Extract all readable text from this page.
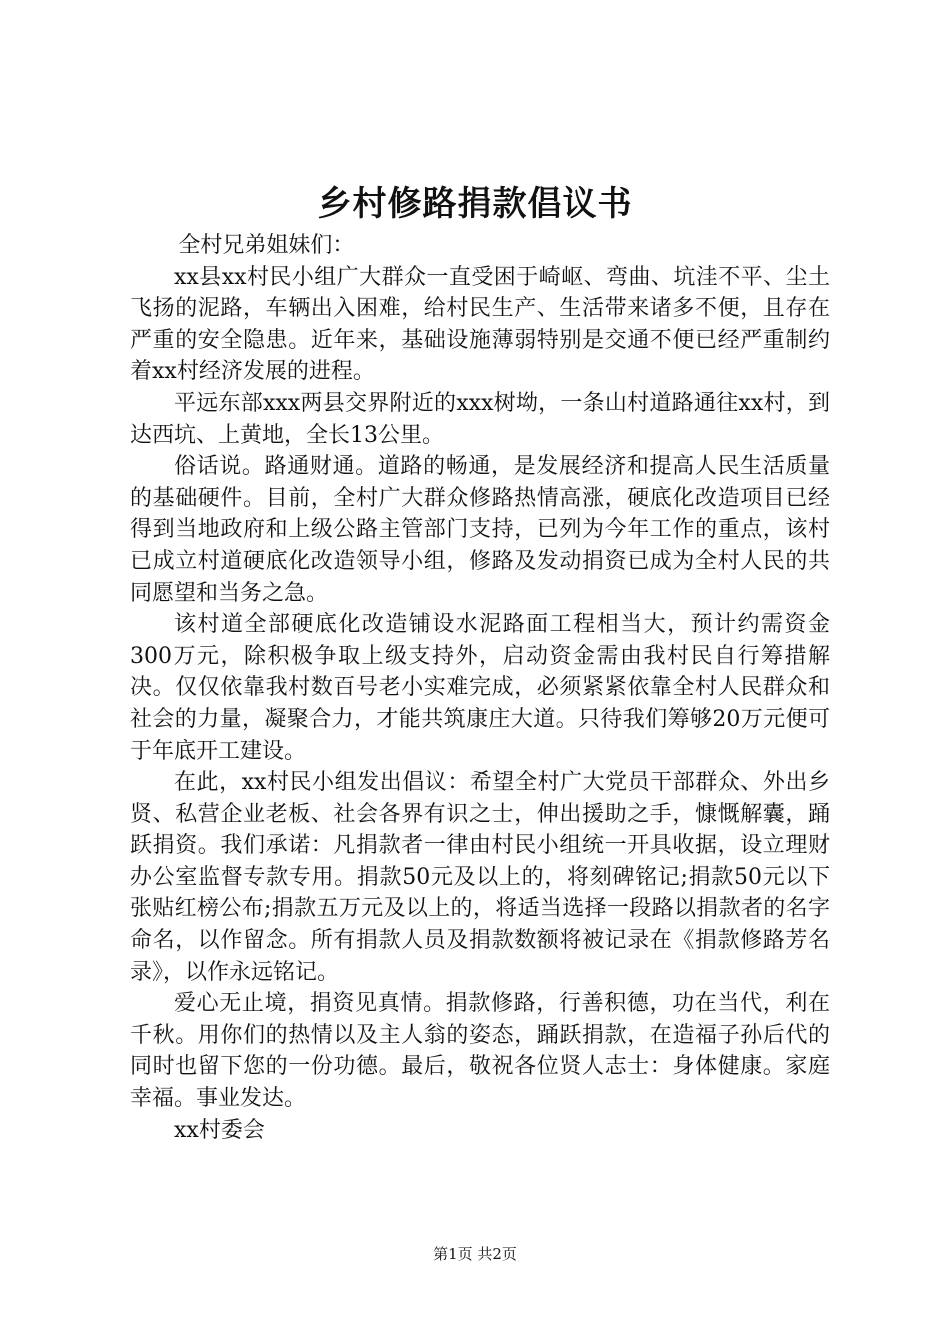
乡村修路捐款倡议书

全村兄弟姐妹们：

xx县xx村民小组广大群众一直受困于崎岖、弯曲、坑洼不平、尘土飞扬的泥路，车辆出入困难，给村民生产、生活带来诸多不便，且存在严重的安全隐患。近年来，基础设施薄弱特别是交通不便已经严重制约着xx村经济发展的进程。

平远东部xxx两县交界附近的xxx树坳，一条山村道路通往xx村，到达西坑、上黄地，全长13公里。

俗话说。路通财通。道路的畅通，是发展经济和提高人民生活质量的基础硬件。目前，全村广大群众修路热情高涨，硬底化改造项目已经得到当地政府和上级公路主管部门支持，已列为今年工作的重点，该村已成立村道硬底化改造领导小组，修路及发动捐资已成为全村人民的共同愿望和当务之急。

该村道全部硬底化改造铺设水泥路面工程相当大，预计约需资金300万元，除积极争取上级支持外，启动资金需由我村民自行筹措解决。仅仅依靠我村数百号老小实难完成，必须紧紧依靠全村人民群众和社会的力量，凝聚合力，才能共筑康庄大道。只待我们筹够20万元便可于年底开工建设。

在此，xx村民小组发出倡议：希望全村广大党员干部群众、外出乡贤、私营企业老板、社会各界有识之士，伸出援助之手，慷慨解囊，踊跃捐资。我们承诺：凡捐款者一律由村民小组统一开具收据，设立理财办公室监督专款专用。捐款50元及以上的，将刻碑铭记;捐款50元以下张贴红榜公布;捐款五万元及以上的，将适当选择一段路以捐款者的名字命名，以作留念。所有捐款人员及捐款数额将被记录在《捐款修路芳名录》，以作永远铭记。

爱心无止境，捐资见真情。捐款修路，行善积德，功在当代，利在千秋。用你们的热情以及主人翁的姿态，踊跃捐款，在造福子孙后代的同时也留下您的一份功德。最后，敬祝各位贤人志士：身体健康。家庭幸福。事业发达。

xx村委会

第1页 共2页
